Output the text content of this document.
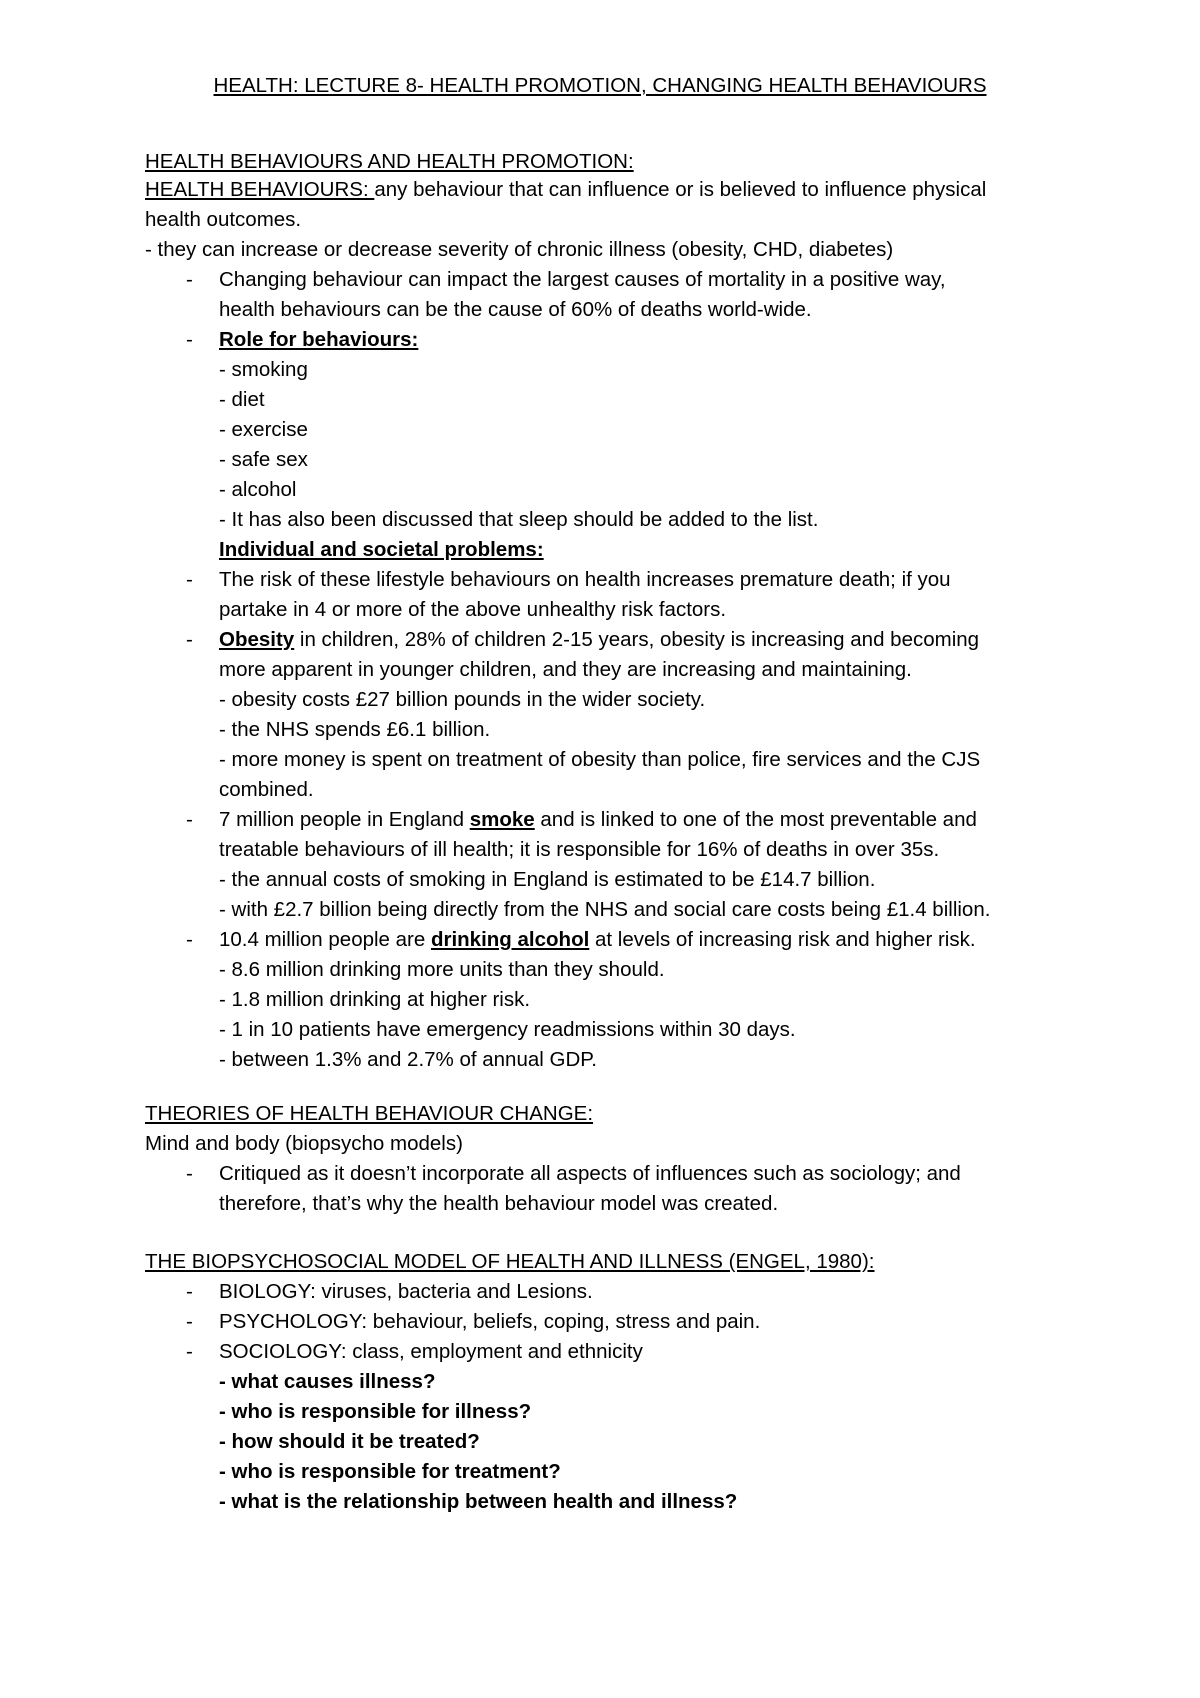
HEALTH: LECTURE 8- HEALTH PROMOTION, CHANGING HEALTH BEHAVIOURS
HEALTH BEHAVIOURS AND HEALTH PROMOTION:
HEALTH BEHAVIOURS: any behaviour that can influence or is believed to influence physical
health outcomes.
- they can increase or decrease severity of chronic illness (obesity, CHD, diabetes)
- Changing behaviour can impact the largest causes of mortality in a positive way,
health behaviours can be the cause of 60% of deaths world-wide.
- Role for behaviours:
- smoking
- diet
- exercise
- safe sex
- alcohol
- It has also been discussed that sleep should be added to the list.
Individual and societal problems:
- The risk of these lifestyle behaviours on health increases premature death; if you
partake in 4 or more of the above unhealthy risk factors.
- Obesity in children, 28% of children 2-15 years, obesity is increasing and becoming
more apparent in younger children, and they are increasing and maintaining.
- obesity costs £27 billion pounds in the wider society.
- the NHS spends £6.1 billion.
- more money is spent on treatment of obesity than police, fire services and the CJS
combined.
- 7 million people in England smoke and is linked to one of the most preventable and
treatable behaviours of ill health; it is responsible for 16% of deaths in over 35s.
- the annual costs of smoking in England is estimated to be £14.7 billion.
- with £2.7 billion being directly from the NHS and social care costs being £1.4 billion.
- 10.4 million people are drinking alcohol at levels of increasing risk and higher risk.
- 8.6 million drinking more units than they should.
- 1.8 million drinking at higher risk.
- 1 in 10 patients have emergency readmissions within 30 days.
- between 1.3% and 2.7% of annual GDP.
THEORIES OF HEALTH BEHAVIOUR CHANGE:
Mind and body (biopsycho models)
- Critiqued as it doesn’t incorporate all aspects of influences such as sociology; and
therefore, that’s why the health behaviour model was created.
THE BIOPSYCHOSOCIAL MODEL OF HEALTH AND ILLNESS (ENGEL, 1980):
- BIOLOGY: viruses, bacteria and Lesions.
- PSYCHOLOGY: behaviour, beliefs, coping, stress and pain.
- SOCIOLOGY: class, employment and ethnicity
- what causes illness?
- who is responsible for illness?
- how should it be treated?
- who is responsible for treatment?
- what is the relationship between health and illness?
